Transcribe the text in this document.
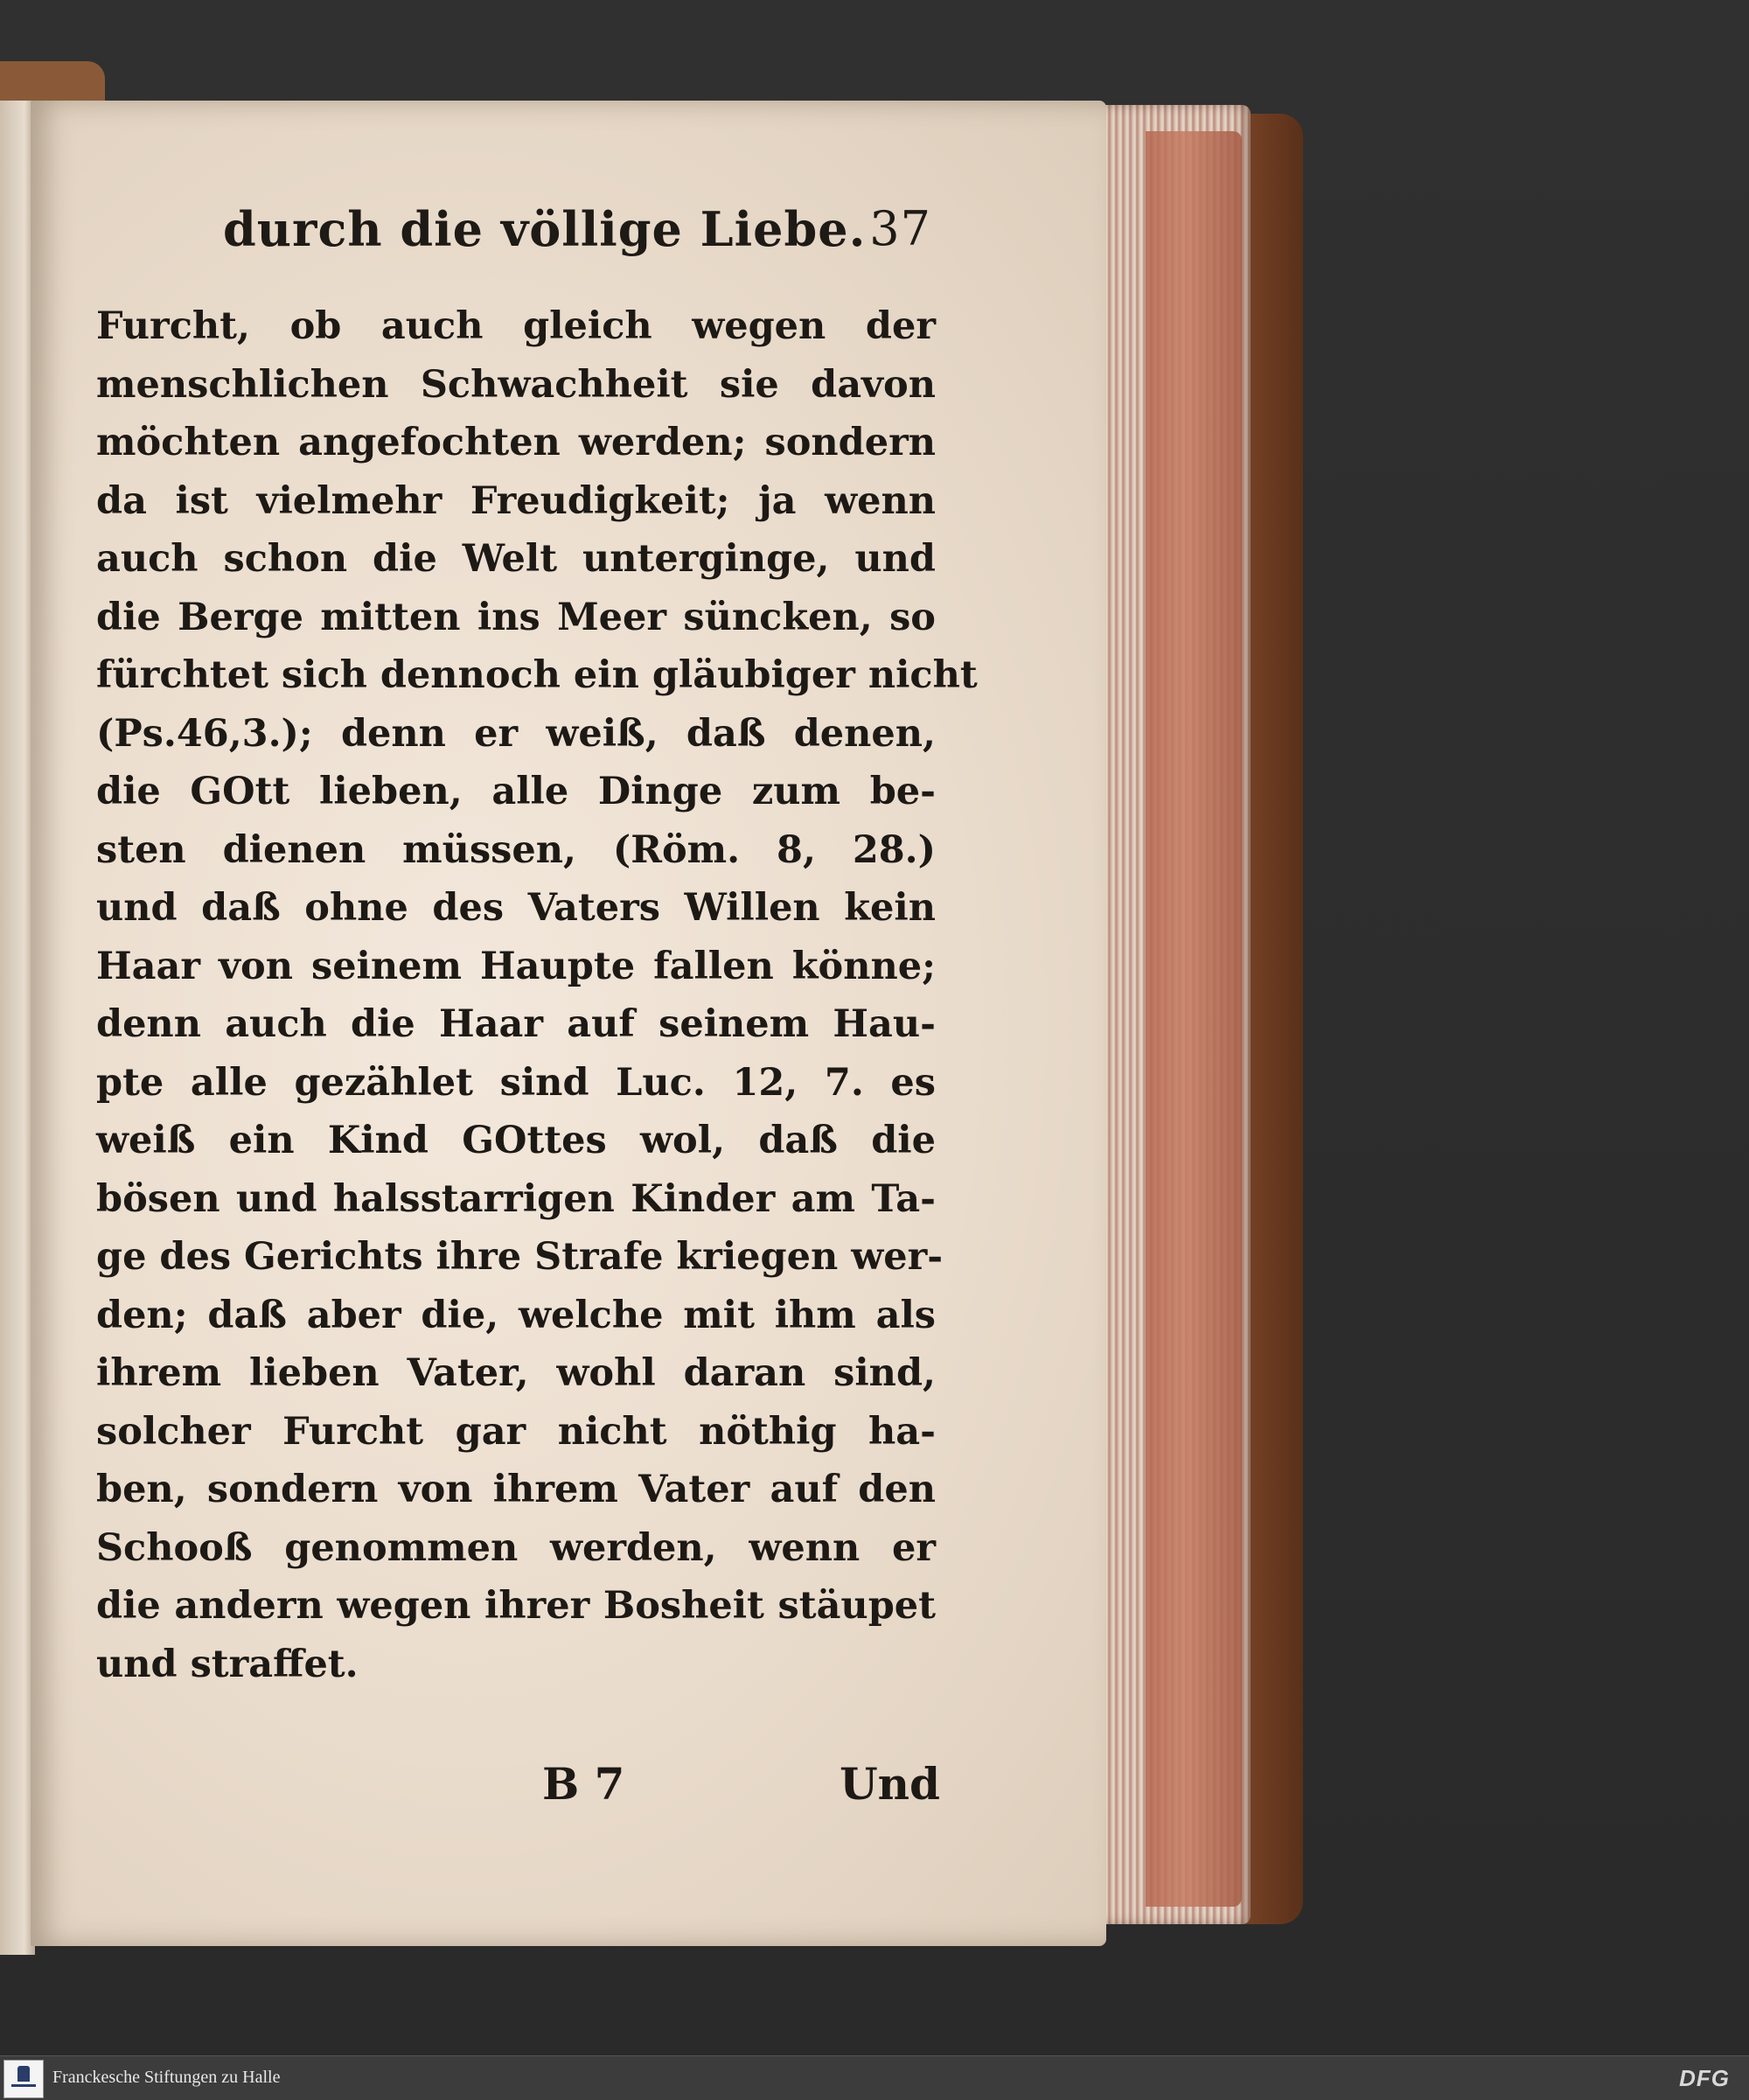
durch die völlige Liebe. 37
Furcht, ob auch gleich wegen der
menschlichen Schwachheit sie davon
möchten angefochten werden; sondern
da ist vielmehr Freudigkeit; ja wenn
auch schon die Welt unterginge, und
die Berge mitten ins Meer süncken, so
fürchtet sich dennoch ein gläubiger nicht
(Ps.46,3.); denn er weiß, daß denen,
die GOtt lieben, alle Dinge zum be-
sten dienen müssen, (Röm. 8, 28.)
und daß ohne des Vaters Willen kein
Haar von seinem Haupte fallen könne;
denn auch die Haar auf seinem Hau-
pte alle gezählet sind Luc. 12, 7. es
weiß ein Kind GOttes wol, daß die
bösen und halsstarrigen Kinder am Ta-
ge des Gerichts ihre Strafe kriegen wer-
den; daß aber die, welche mit ihm als
ihrem lieben Vater, wohl daran sind,
solcher Furcht gar nicht nöthig ha-
ben, sondern von ihrem Vater auf den
Schooß genommen werden, wenn er
die andern wegen ihrer Bosheit stäupet
und straffet.
B 7	Und
Franckesche Stiftungen zu Halle	DFG
